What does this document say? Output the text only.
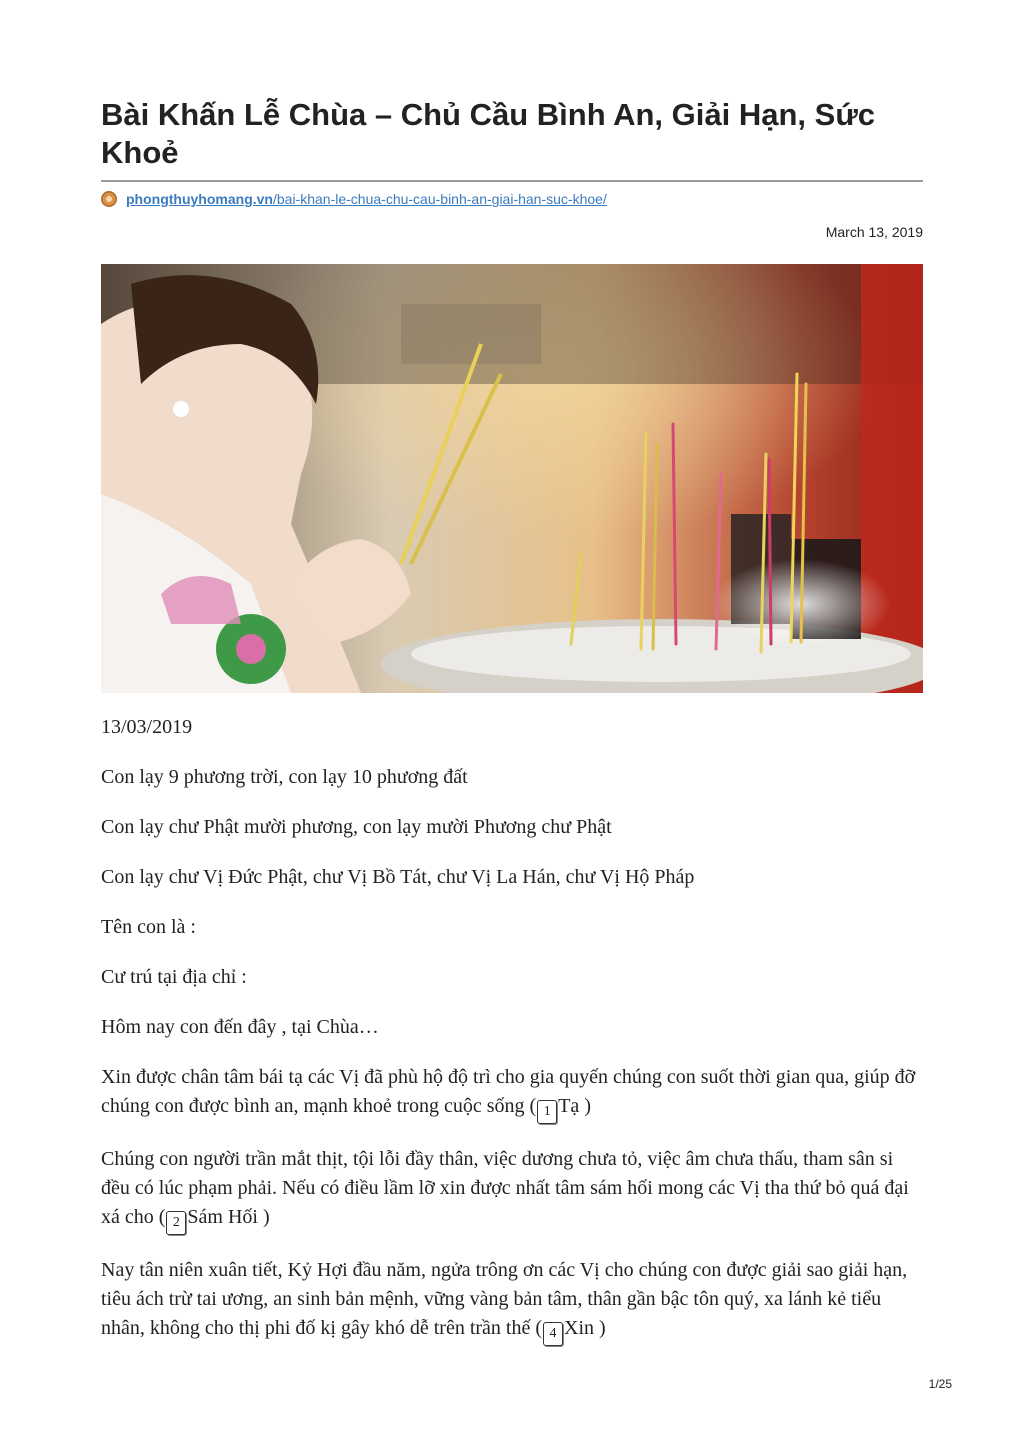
Bài Khấn Lễ Chùa – Chủ Cầu Bình An, Giải Hạn, Sức Khoẻ
phongthuyhomang.vn/bai-khan-le-chua-chu-cau-binh-an-giai-han-suc-khoe/
March 13, 2019

13/03/2019

Con lạy 9 phương trời, con lạy 10 phương đất

Con lạy chư Phật mười phương, con lạy mười Phương chư Phật

Con lạy chư Vị Đức Phật, chư Vị Bồ Tát, chư Vị La Hán, chư Vị Hộ Pháp

Tên con là :

Cư trú tại địa chỉ :

Hôm nay con đến đây , tại Chùa…

Xin được chân tâm bái tạ các Vị đã phù hộ độ trì cho gia quyến chúng con suốt thời gian qua, giúp đỡ chúng con được bình an, mạnh khoẻ trong cuộc sống ( 1 Tạ )

Chúng con người trần mắt thịt, tội lỗi đầy thân, việc dương chưa tỏ, việc âm chưa thấu, tham sân si đều có lúc phạm phải. Nếu có điều lầm lỡ xin được nhất tâm sám hối mong các Vị tha thứ bỏ quá đại xá cho ( 2 Sám Hối )

Nay tân niên xuân tiết, Kỷ Hợi đầu năm, ngửa trông ơn các Vị cho chúng con được giải sao giải hạn, tiêu ách trừ tai ương, an sinh bản mệnh, vững vàng bản tâm, thân gần bậc tôn quý, xa lánh kẻ tiểu nhân, không cho thị phi đố kị gây khó dễ trên trần thế ( 4 Xin )

1/25
